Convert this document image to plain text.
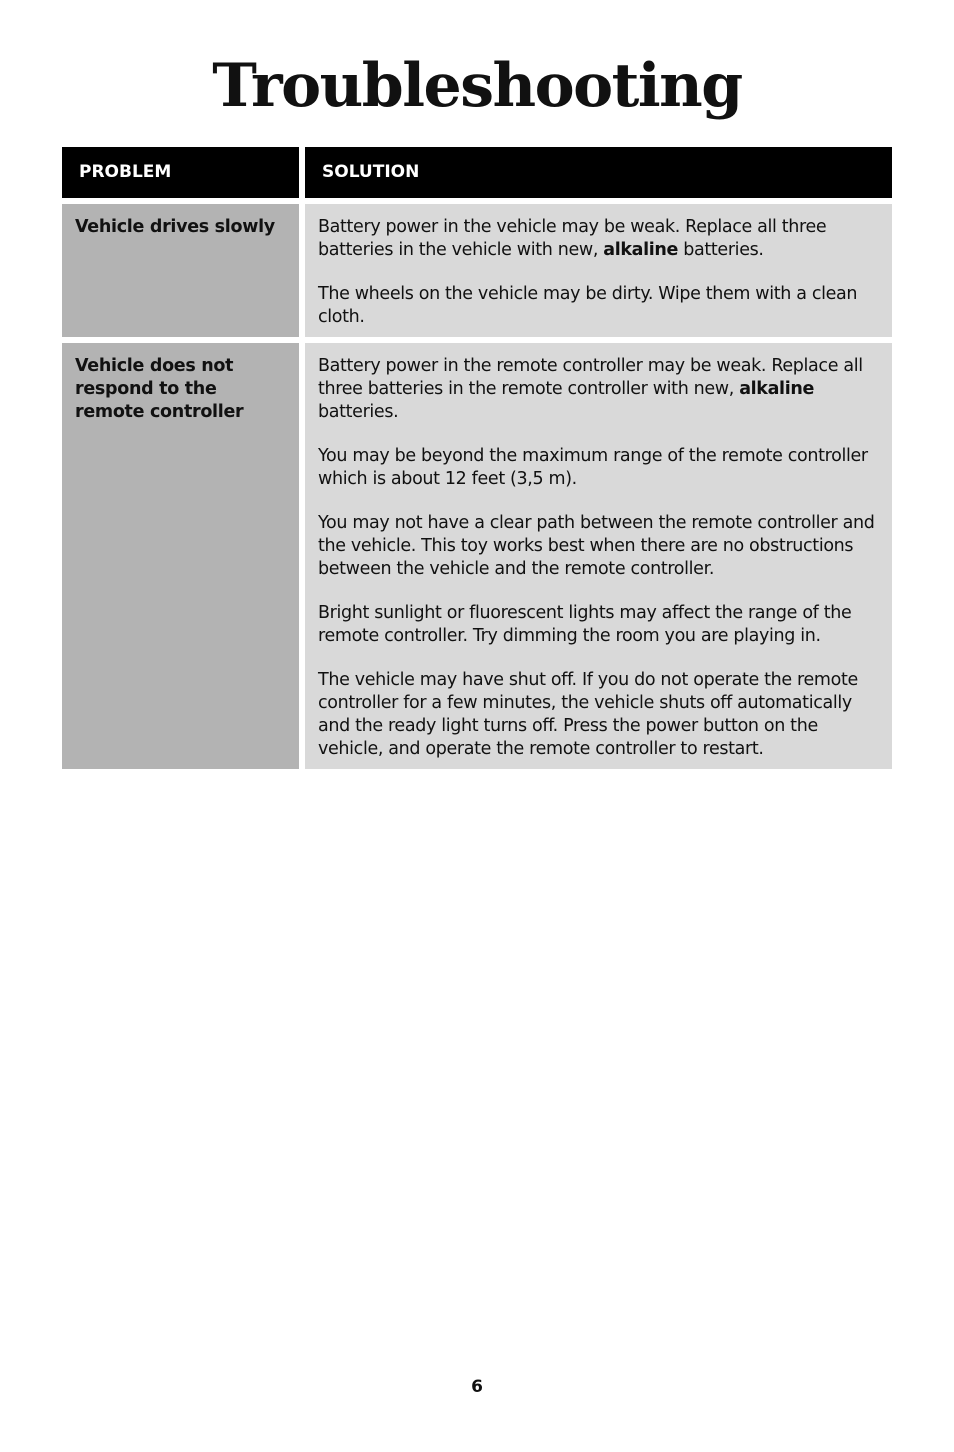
Troubleshooting
PROBLEM	SOLUTION
Vehicle drives slowly	Battery power in the vehicle may be weak. Replace all three batteries in the vehicle with new, alkaline batteries.

The wheels on the vehicle may be dirty. Wipe them with a clean cloth.

Vehicle does not respond to the remote controller

Battery power in the remote controller may be weak. Replace all three batteries in the remote controller with new, alkaline batteries.

You may be beyond the maximum range of the remote controller which is about 12 feet (3,5 m).

You may not have a clear path between the remote controller and the vehicle. This toy works best when there are no obstructions between the vehicle and the remote controller.

Bright sunlight or fluorescent lights may affect the range of the remote controller. Try dimming the room you are playing in.

The vehicle may have shut off. If you do not operate the remote controller for a few minutes, the vehicle shuts off automatically and the ready light turns off. Press the power button on the vehicle, and operate the remote controller to restart.

6
